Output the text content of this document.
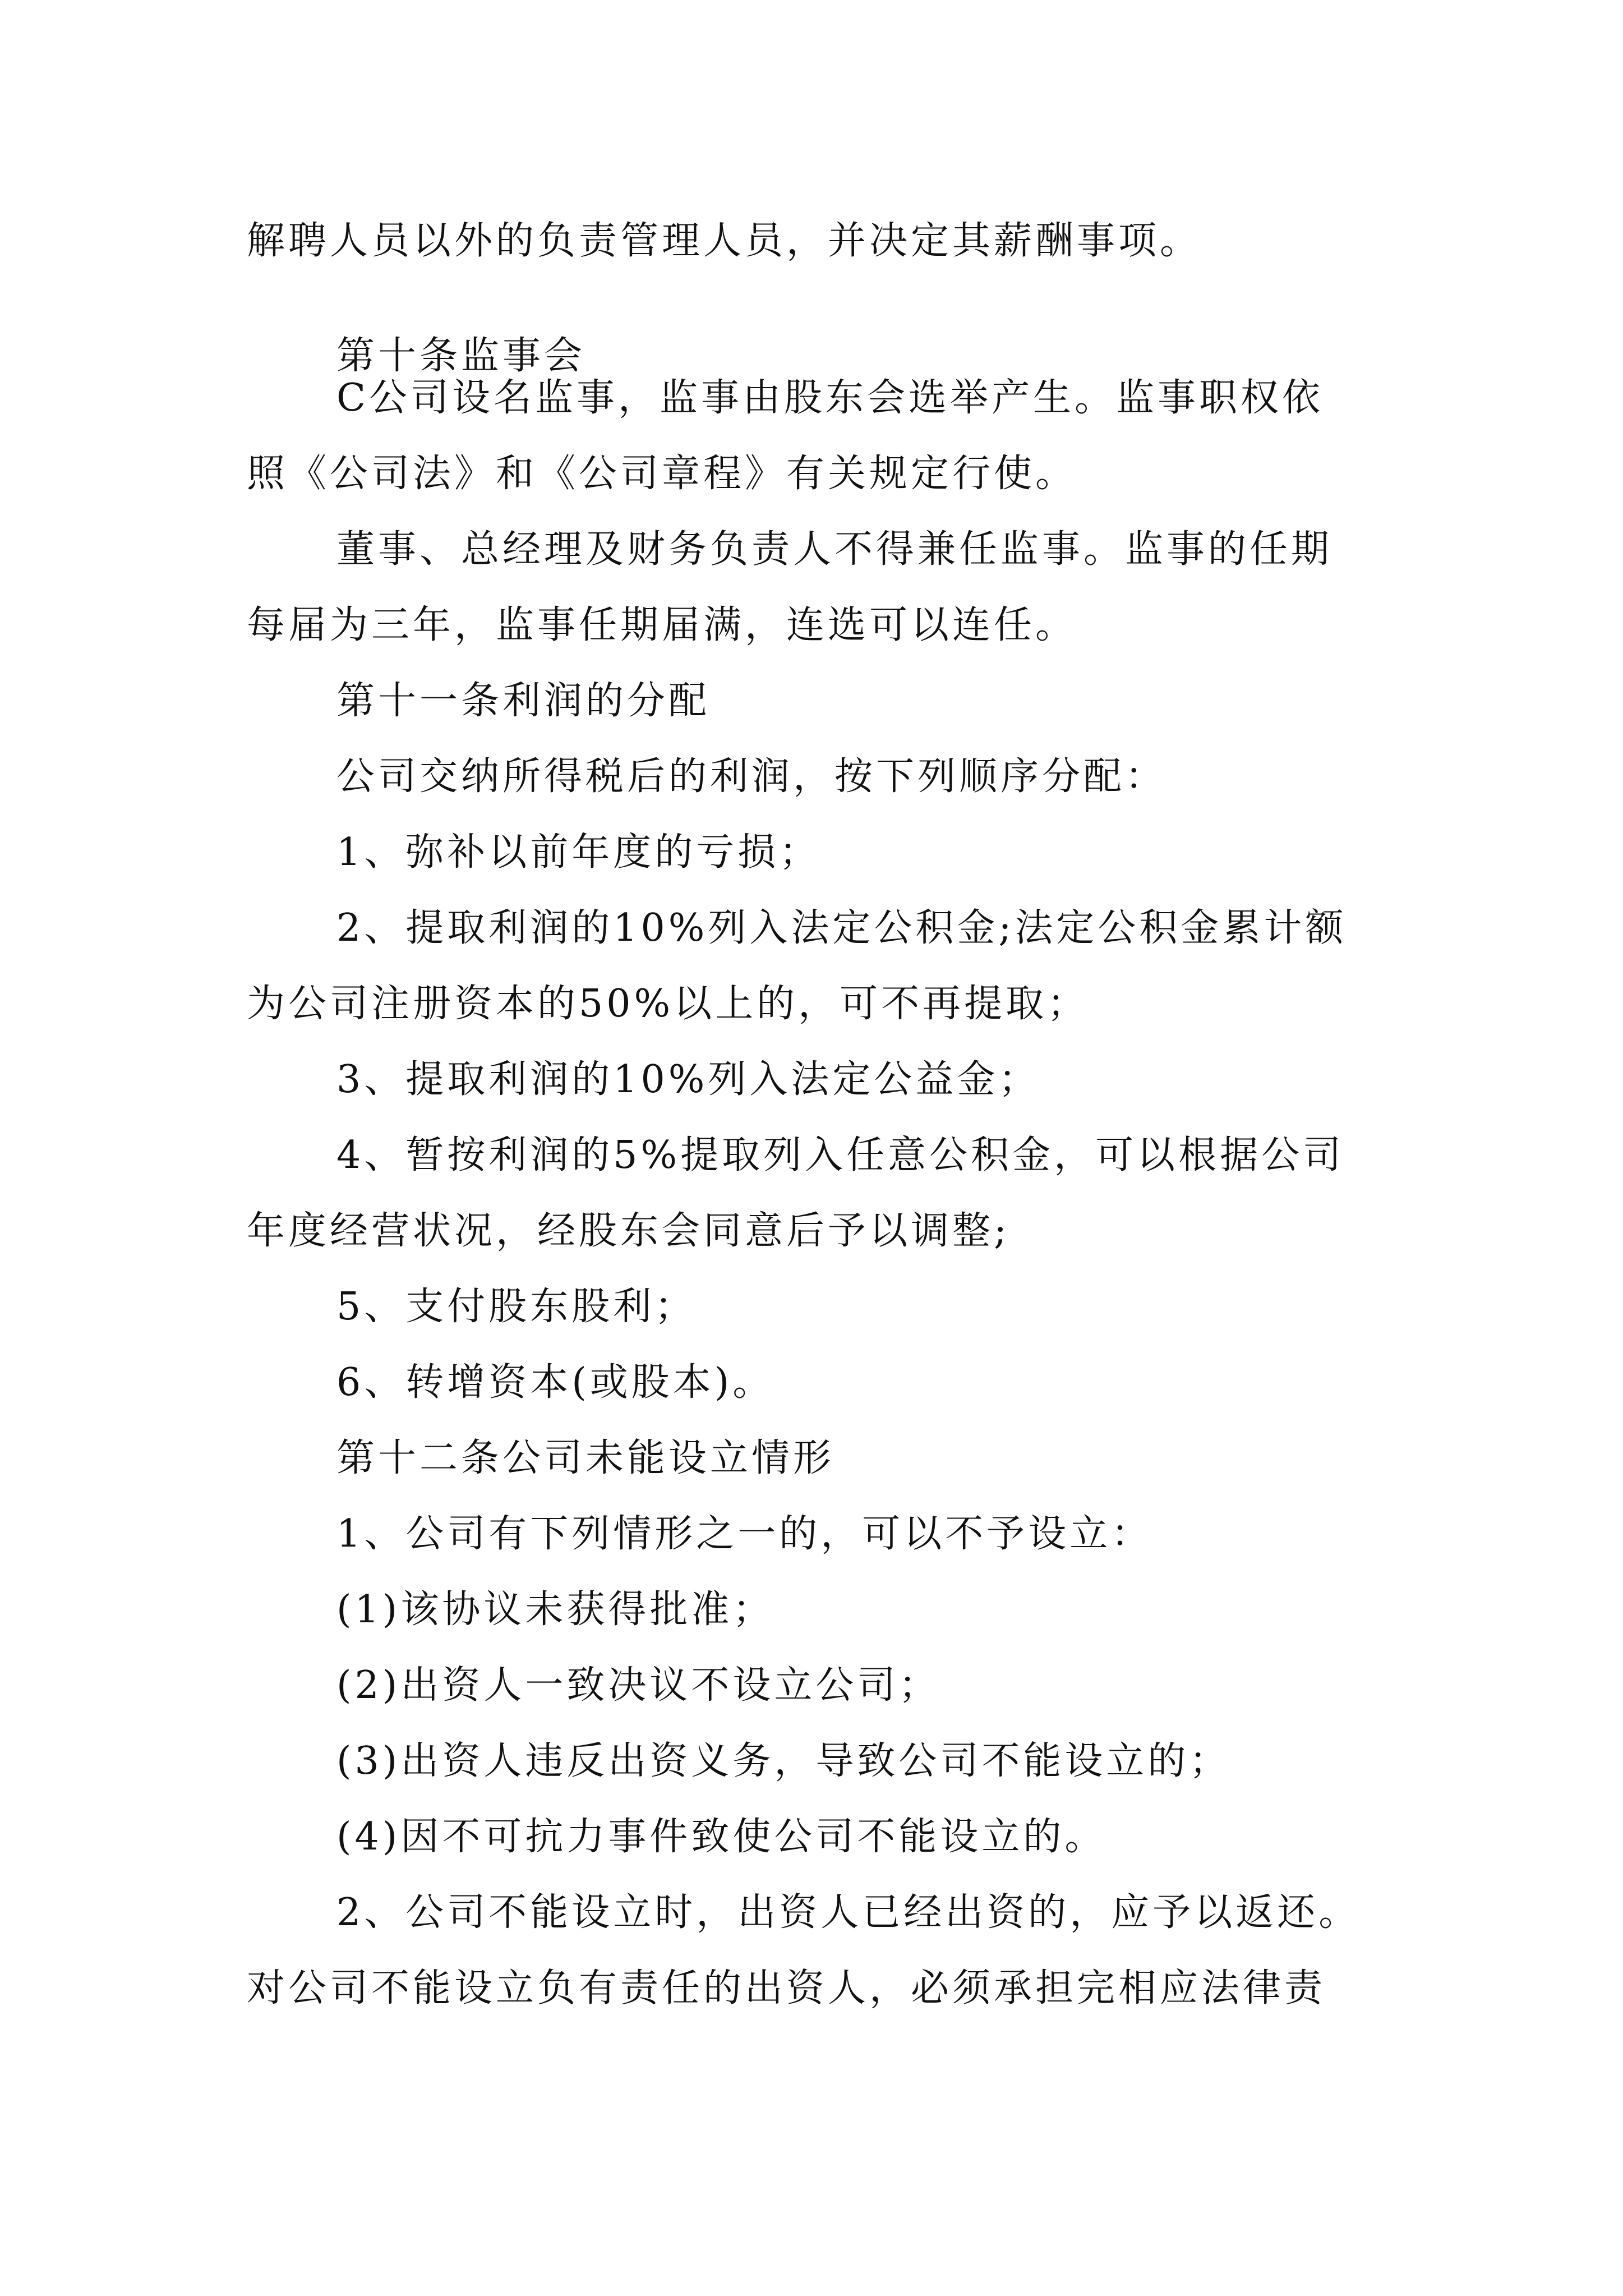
解聘人员以外的负责管理人员，并决定其薪酬事项。

第十条监事会

C公司设名监事，监事由股东会选举产生。监事职权依

照《公司法》和《公司章程》有关规定行使。

董事、总经理及财务负责人不得兼任监事。监事的任期

每届为三年，监事任期届满，连选可以连任。

第十一条利润的分配

公司交纳所得税后的利润，按下列顺序分配：

1、弥补以前年度的亏损；

2、提取利润的10%列入法定公积金;法定公积金累计额

为公司注册资本的50%以上的，可不再提取；

3、提取利润的10%列入法定公益金；

4、暂按利润的5%提取列入任意公积金，可以根据公司

年度经营状况，经股东会同意后予以调整;

5、支付股东股利；

6、转增资本(或股本)。

第十二条公司未能设立情形

1、公司有下列情形之一的，可以不予设立：

(1)该协议未获得批准；

(2)出资人一致决议不设立公司；

(3)出资人违反出资义务，导致公司不能设立的；

(4)因不可抗力事件致使公司不能设立的。

2、公司不能设立时，出资人已经出资的，应予以返还。

对公司不能设立负有责任的出资人，必须承担完相应法律责
